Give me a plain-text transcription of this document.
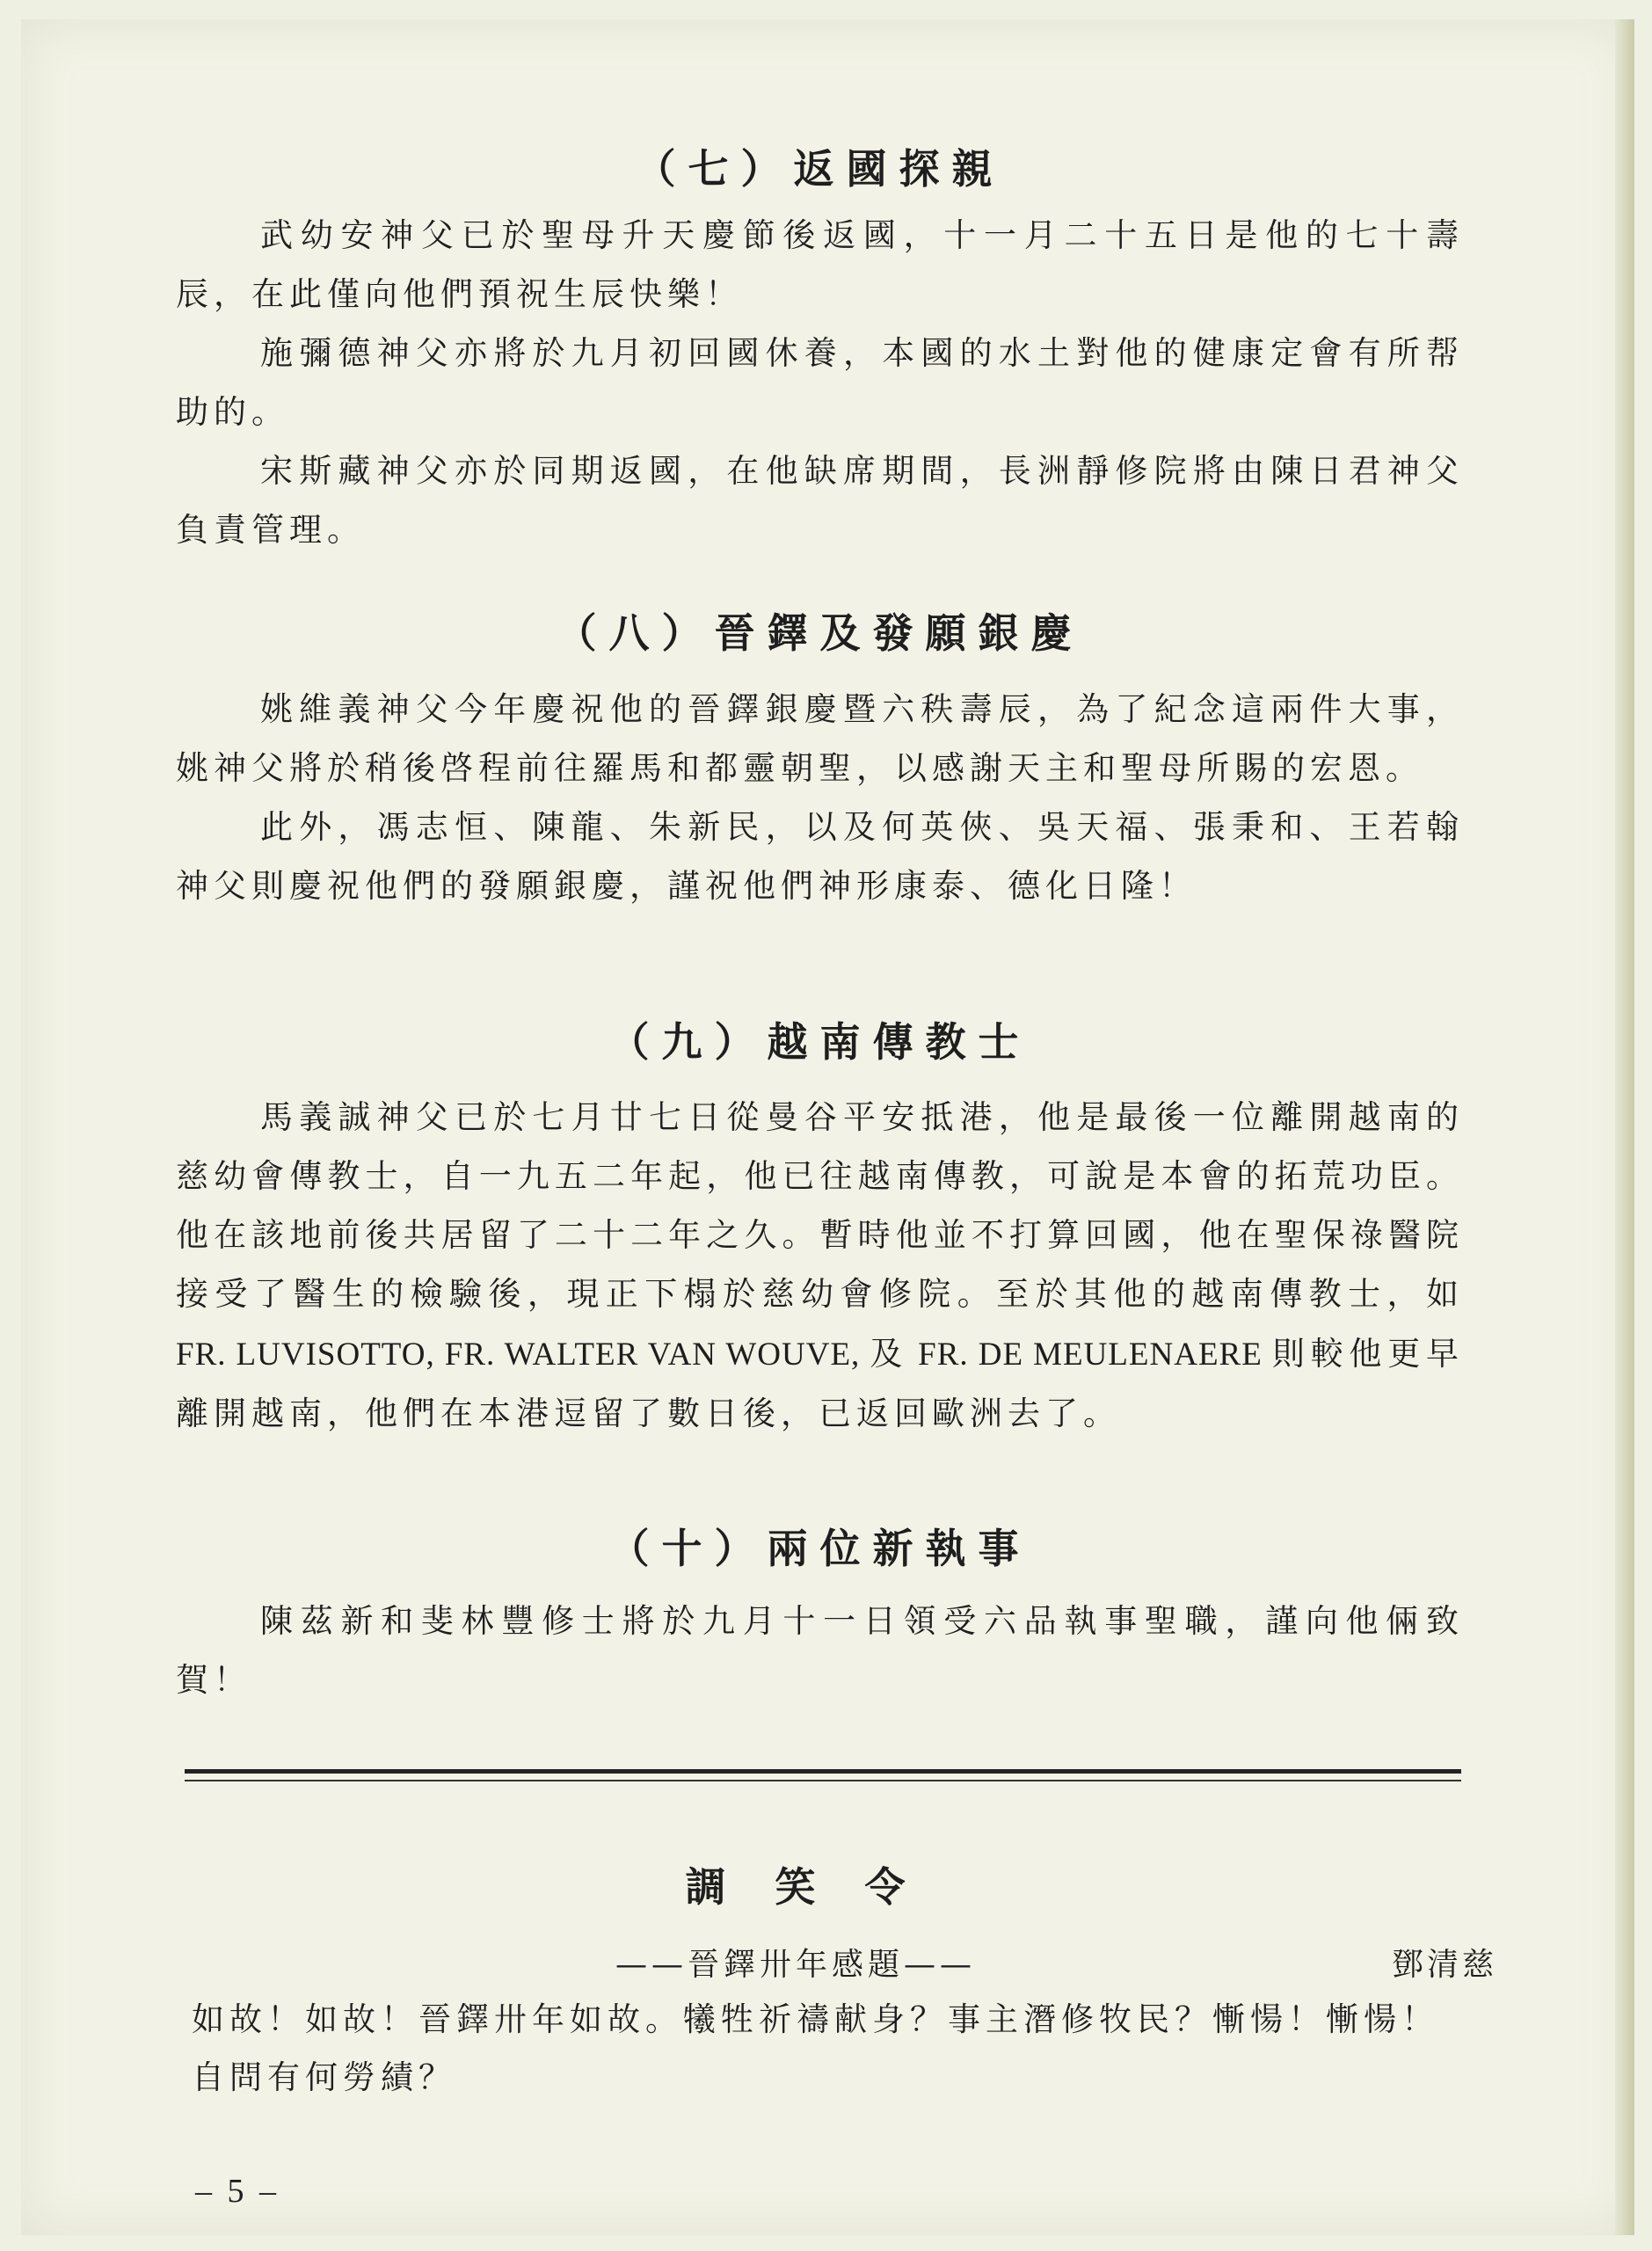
（七）返國探親

武幼安神父已於聖母升天慶節後返國，十一月二十五日是他的七十壽辰，在此僅向他們預祝生辰快樂！

施彌德神父亦將於九月初回國休養，本國的水土對他的健康定會有所帮助的。

宋斯藏神父亦於同期返國，在他缺席期間，長洲靜修院將由陳日君神父負責管理。

（八）晉鐸及發願銀慶

姚維義神父今年慶祝他的晉鐸銀慶暨六秩壽辰，為了紀念這兩件大事，姚神父將於稍後啓程前往羅馬和都靈朝聖，以感謝天主和聖母所賜的宏恩。

此外，馮志恒、陳龍、朱新民，以及何英俠、吳天福、張秉和、王若翰神父則慶祝他們的發願銀慶，謹祝他們神形康泰、德化日隆！

（九）越南傳教士

馬義誠神父已於七月廿七日從曼谷平安抵港，他是最後一位離開越南的慈幼會傳教士，自一九五二年起，他已往越南傳教，可說是本會的拓荒功臣。他在該地前後共居留了二十二年之久。暫時他並不打算回國，他在聖保祿醫院接受了醫生的檢驗後，現正下榻於慈幼會修院。至於其他的越南傳教士，如 FR. LUVISOTTO, FR. WALTER VAN WOUVE, 及 FR. DE MEULENAERE 則較他更早離開越南，他們在本港逗留了數日後，已返回歐洲去了。

（十）兩位新執事

陳茲新和斐林豐修士將於九月十一日領受六品執事聖職，謹向他倆致賀！

調笑令
——晉鐸卅年感題——	鄧清慈

如故！如故！晉鐸卅年如故。犧牲祈禱献身？事主潛修牧民？慚愓！慚愓！自問有何勞績？

– 5 –
